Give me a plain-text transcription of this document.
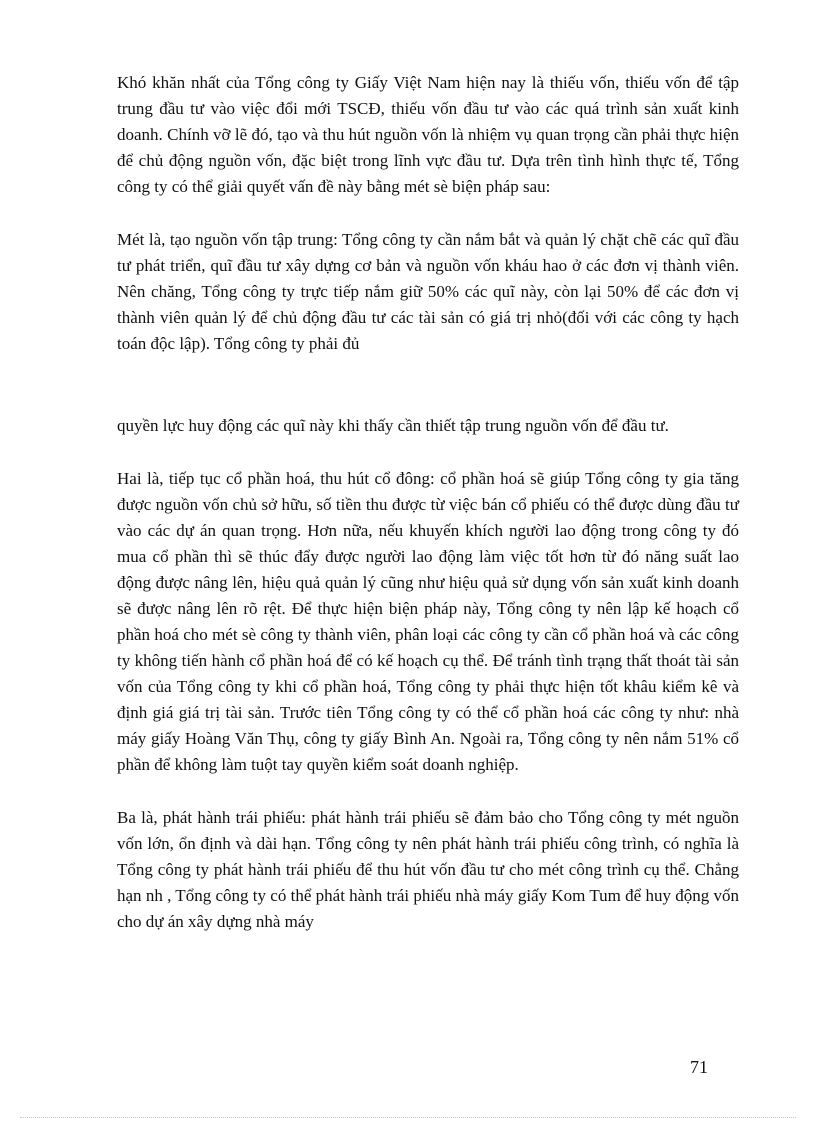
Khó khăn nhất của Tổng công ty Giấy Việt Nam hiện nay là thiếu vốn, thiếu vốn để tập trung đầu tư vào việc đổi mới TSCĐ, thiếu vốn đầu tư vào các quá trình sản xuất kinh doanh. Chính vỡ lẽ đó, tạo và thu hút nguồn vốn là nhiệm vụ quan trọng cần phải thực hiện để chủ động nguồn vốn, đặc biệt trong lĩnh vực đầu tư. Dựa trên tình hình thực tế, Tổng công ty có thể giải quyết vấn đề này bằng mét sè biện pháp sau:

Mét là, tạo nguồn vốn tập trung: Tổng công ty cần nắm bắt và quản lý chặt chẽ các quĩ đầu tư phát triển, quĩ đầu tư xây dựng cơ bản và nguồn vốn kháu hao ở các đơn vị thành viên. Nên chăng, Tổng công ty trực tiếp nắm giữ 50% các quĩ này, còn lại 50% để các đơn vị thành viên quản lý để chủ động đầu tư các tài sản có giá trị nhỏ(đối với các công ty hạch toán độc lập). Tổng công ty phải đủ

quyền lực huy động các quĩ này khi thấy cần thiết tập trung nguồn vốn để đầu tư.

Hai là, tiếp tục cổ phần hoá, thu hút cổ đông: cổ phần hoá sẽ giúp Tổng công ty gia tăng được nguồn vốn chủ sở hữu, số tiền thu được từ việc bán cổ phiếu có thể được dùng đầu tư vào các dự án quan trọng. Hơn nữa, nếu khuyến khích người lao động trong công ty đó mua cổ phần thì sẽ thúc đẩy được người lao động làm việc tốt hơn từ đó năng suất lao động được nâng lên, hiệu quả quản lý cũng như hiệu quả sử dụng vốn sản xuất kinh doanh sẽ được nâng lên rõ rệt. Để thực hiện biện pháp này, Tổng công ty nên lập kế hoạch cổ phần hoá cho mét sè công ty thành viên, phân loại các công ty cần cổ phần hoá và các công ty không tiến hành cổ phần hoá để có kế hoạch cụ thể. Để tránh tình trạng thất thoát tài sản vốn của Tổng công ty khi cổ phần hoá, Tổng công ty phải thực hiện tốt khâu kiểm kê và định giá giá trị tài sản. Trước tiên Tổng công ty có thể cổ phần hoá các công ty như: nhà máy giấy Hoàng Văn Thụ, công ty giấy Bình An. Ngoài ra, Tổng công ty nên nắm 51% cổ phần để không làm tuột tay quyền kiểm soát doanh nghiệp.

Ba là, phát hành trái phiếu: phát hành trái phiếu sẽ đảm bảo cho Tổng công ty mét nguồn vốn lớn, ổn định và dài hạn. Tổng công ty nên phát hành trái phiếu công trình, có nghĩa là Tổng công ty phát hành trái phiếu để thu hút vốn đầu tư cho mét công trình cụ thể. Chẳng hạn nh , Tổng công ty có thể phát hành trái phiếu nhà máy giấy Kom Tum để huy động vốn cho dự án xây dựng nhà máy

71
